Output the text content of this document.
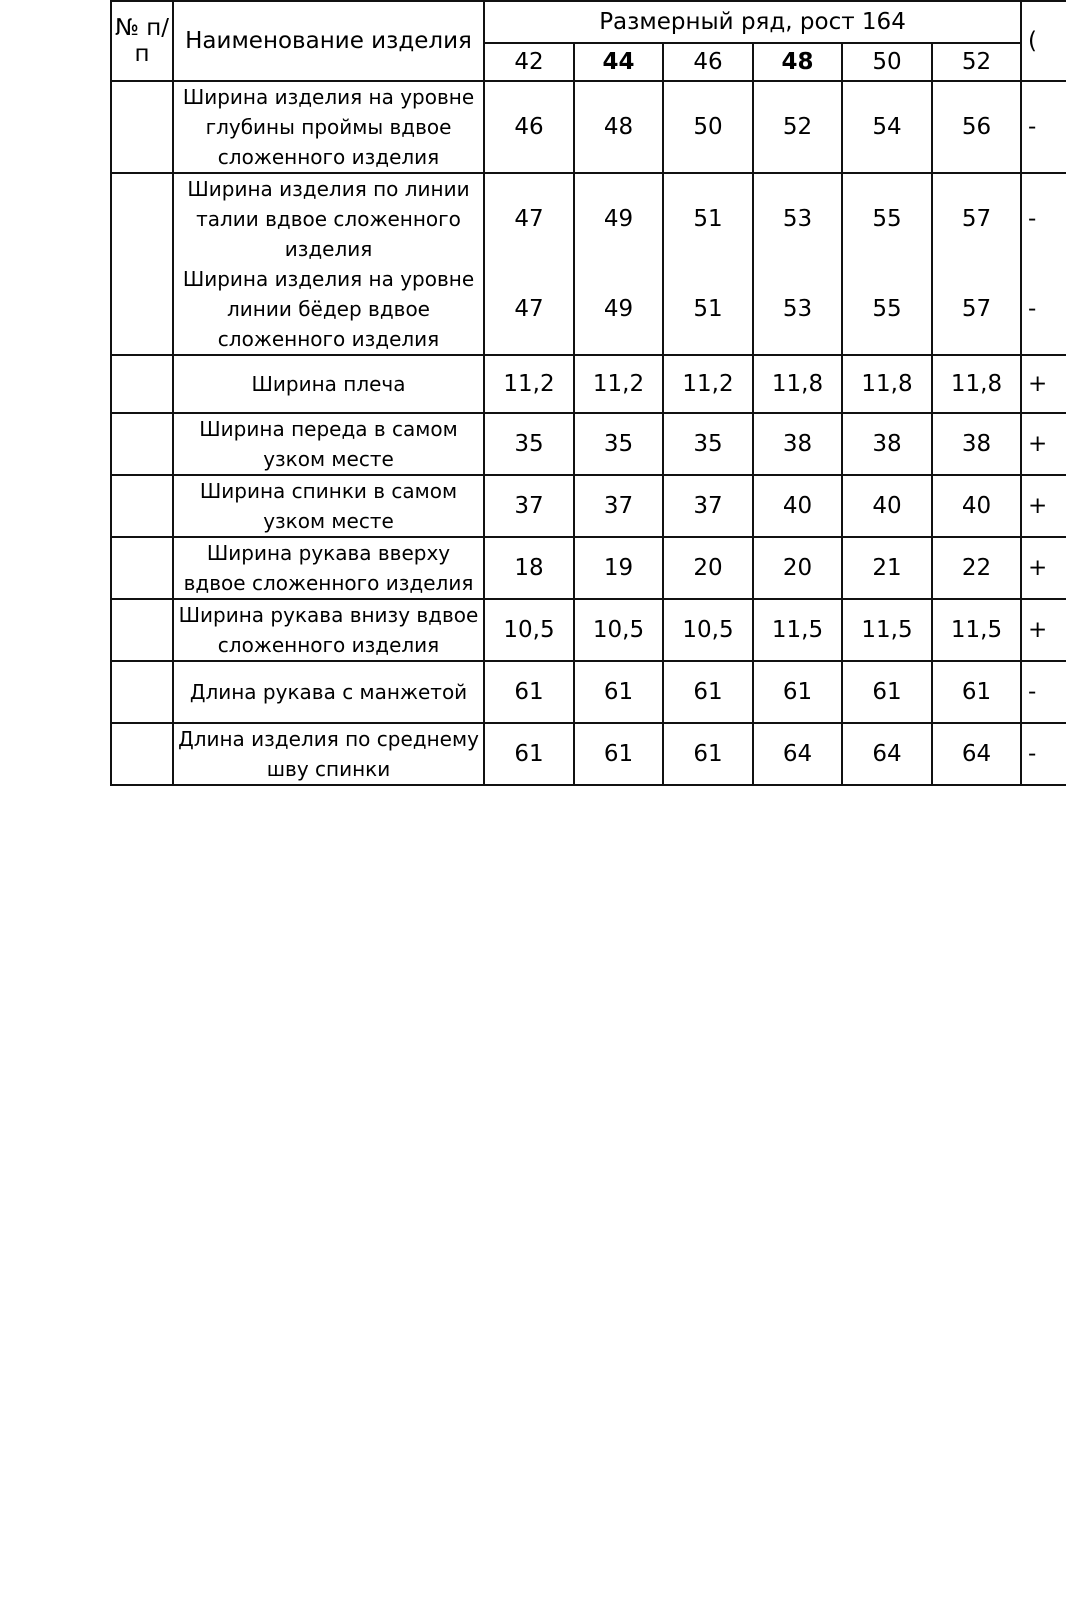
№ п/п	Наименование изделия	Размерный ряд, рост 164						(
		42	44	46	48	50	52	
	Ширина изделия на уровне глубины проймы вдвое сложенного изделия	46	48	50	52	54	56	-
	Ширина изделия по линии талии вдвое сложенного изделия	47	49	51	53	55	57	-
	Ширина изделия на уровне линии бёдер вдвое сложенного изделия	47	49	51	53	55	57	-
	Ширина плеча	11,2	11,2	11,2	11,8	11,8	11,8	+
	Ширина переда в самом узком месте	35	35	35	38	38	38	+
	Ширина спинки в самом узком месте	37	37	37	40	40	40	+
	Ширина рукава вверху вдвое сложенного изделия	18	19	20	20	21	22	+
	Ширина рукава внизу вдвое сложенного изделия	10,5	10,5	10,5	11,5	11,5	11,5	+
	Длина рукава с манжетой	61	61	61	61	61	61	-
	Длина изделия по среднему шву спинки	61	61	61	64	64	64	-
